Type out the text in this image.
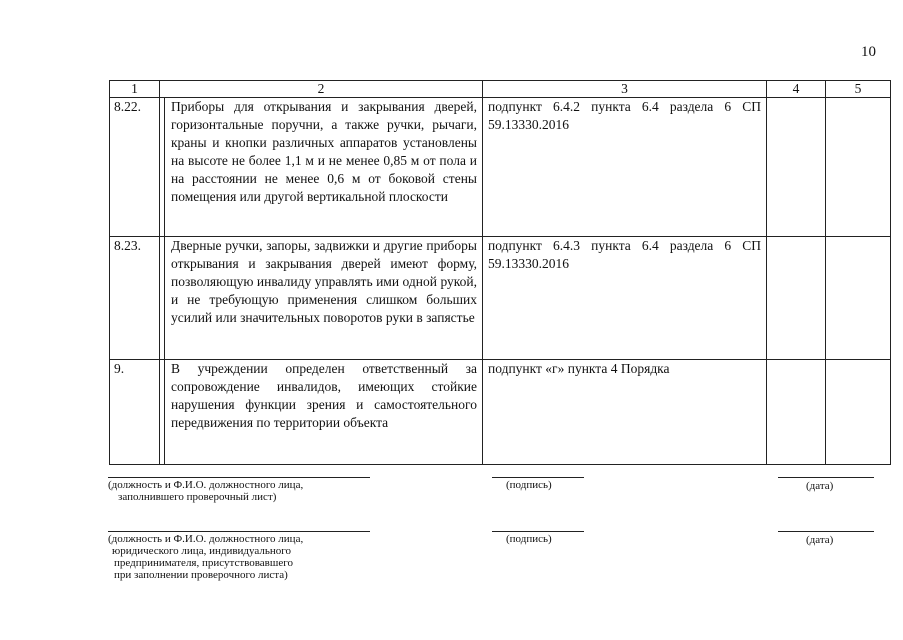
10
1	2	3	4	5
8.22.	Приборы для открывания и закрывания дверей, горизонтальные поручни, а также ручки, рычаги, краны и кнопки различных аппаратов установлены на высоте не более 1,1 м и не менее 0,85 м от пола и на расстоянии не менее 0,6 м от боковой стены помещения или другой вертикальной плоскости	подпункт 6.4.2 пункта 6.4 раздела 6 СП 59.13330.2016		
8.23.	Дверные ручки, запоры, задвижки и другие приборы открывания и закрывания дверей имеют форму, позволяющую инвалиду управлять ими одной рукой, и не требующую применения слишком больших усилий или значительных поворотов руки в запястье	подпункт 6.4.3 пункта 6.4 раздела 6 СП 59.13330.2016		
9.	В учреждении определен ответственный за сопровождение инвалидов, имеющих стойкие нарушения функции зрения и самостоятельного передвижения по территории объекта	подпункт «г» пункта 4 Порядка		
(должность и Ф.И.О. должностного лица,
заполнившего проверочный лист)
(подпись)	(дата)
(должность и Ф.И.О. должностного лица,
юридического лица, индивидуального
предпринимателя, присутствовавшего
при заполнении проверочного листа)
(подпись)	(дата)
